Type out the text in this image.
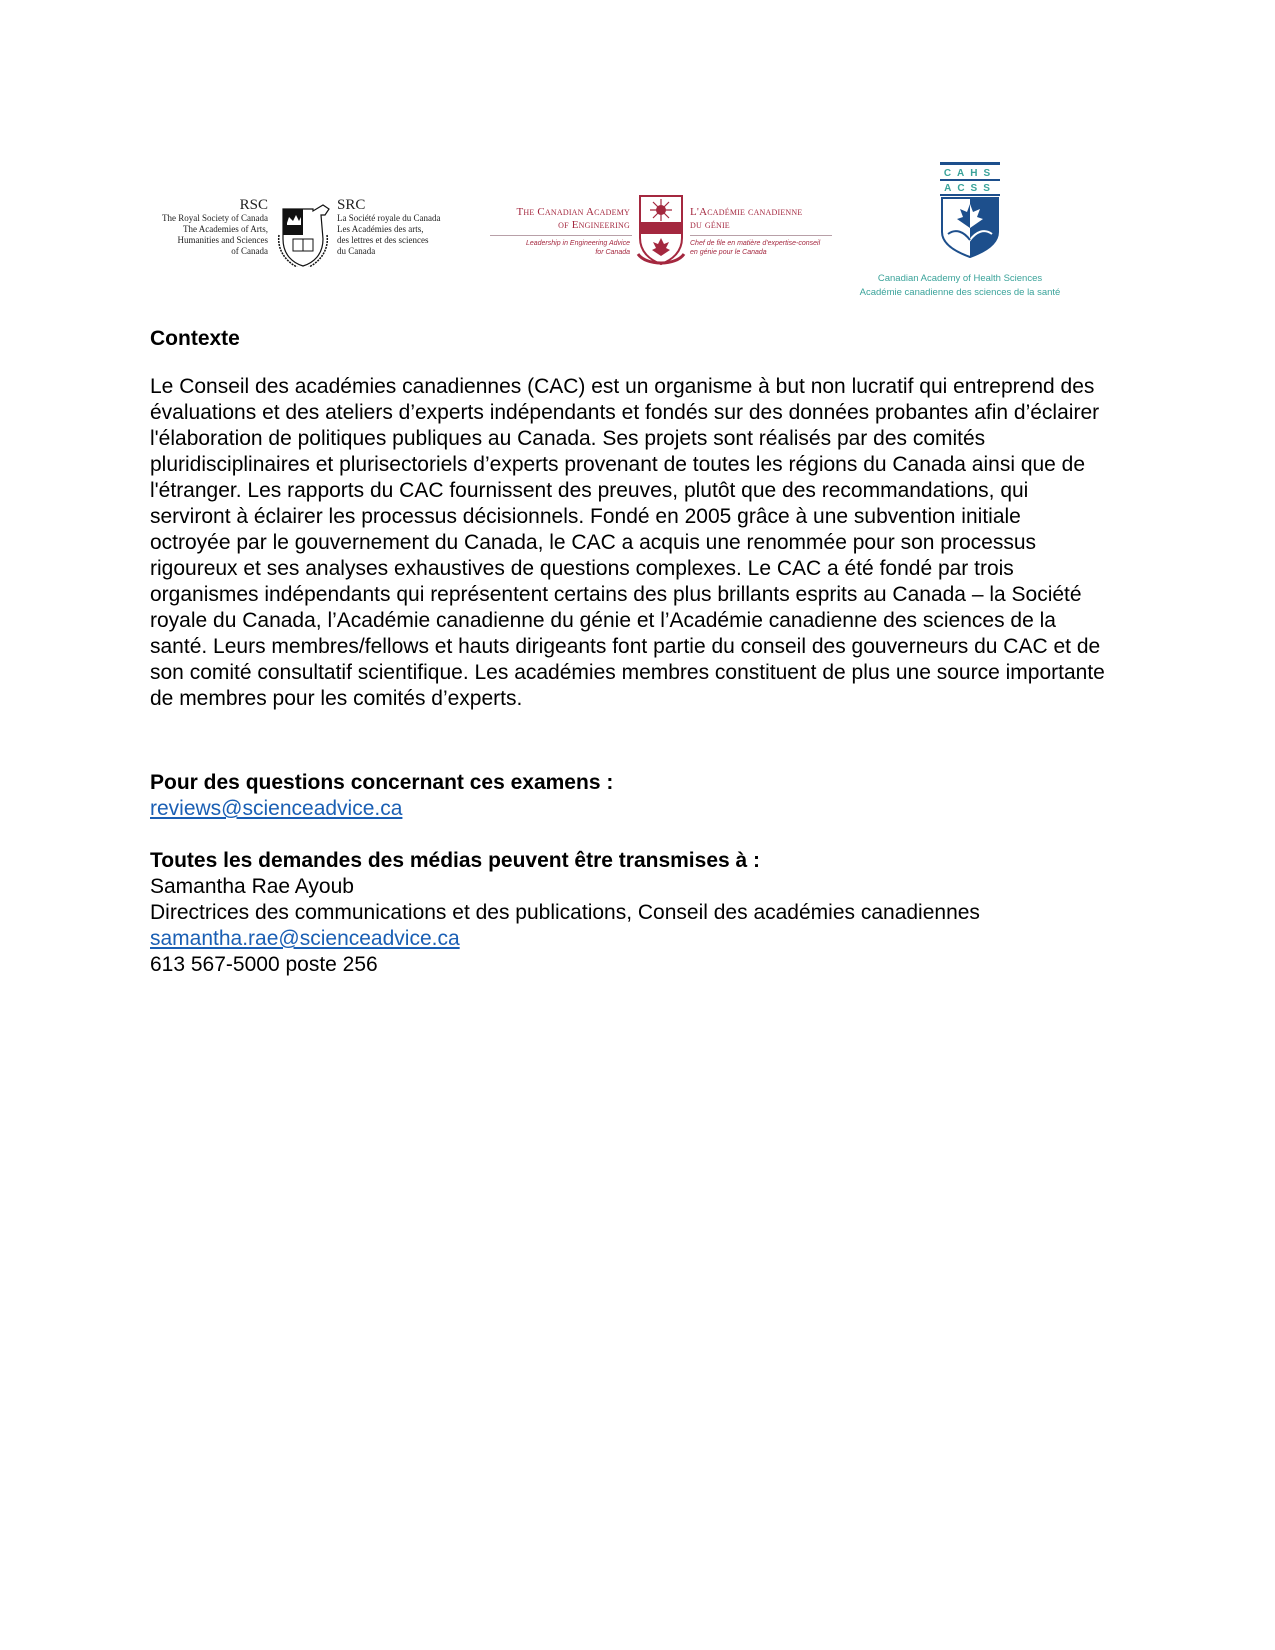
RSC
The Royal Society of Canada
The Academies of Arts,
Humanities and Sciences
of Canada
SRC
La Société royale du Canada
Les Académies des arts,
des lettres et des sciences
du Canada
The Canadian Academy
of Engineering
Leadership in Engineering Advice
for Canada
L'Académie canadienne
du génie
Chef de file en matière d'expertise-conseil
en génie pour le Canada
CAHS
ACSS
Canadian Academy of Health Sciences
Académie canadienne des sciences de la santé
Contexte
Le Conseil des académies canadiennes (CAC) est un organisme à but non lucratif qui entreprend des évaluations et des ateliers d’experts indépendants et fondés sur des données probantes afin d’éclairer l'élaboration de politiques publiques au Canada. Ses projets sont réalisés par des comités pluridisciplinaires et plurisectoriels d’experts provenant de toutes les régions du Canada ainsi que de l'étranger. Les rapports du CAC fournissent des preuves, plutôt que des recommandations, qui serviront à éclairer les processus décisionnels. Fondé en 2005 grâce à une subvention initiale octroyée par le gouvernement du Canada, le CAC a acquis une renommée pour son processus rigoureux et ses analyses exhaustives de questions complexes. Le CAC a été fondé par trois organismes indépendants qui représentent certains des plus brillants esprits au Canada – la Société royale du Canada, l’Académie canadienne du génie et l’Académie canadienne des sciences de la santé. Leurs membres/fellows et hauts dirigeants font partie du conseil des gouverneurs du CAC et de son comité consultatif scientifique. Les académies membres constituent de plus une source importante de membres pour les comités d’experts.
Pour des questions concernant ces examens :
reviews@scienceadvice.ca
Toutes les demandes des médias peuvent être transmises à :
Samantha Rae Ayoub
Directrices des communications et des publications, Conseil des académies canadiennes
samantha.rae@scienceadvice.ca
613 567-5000 poste 256
